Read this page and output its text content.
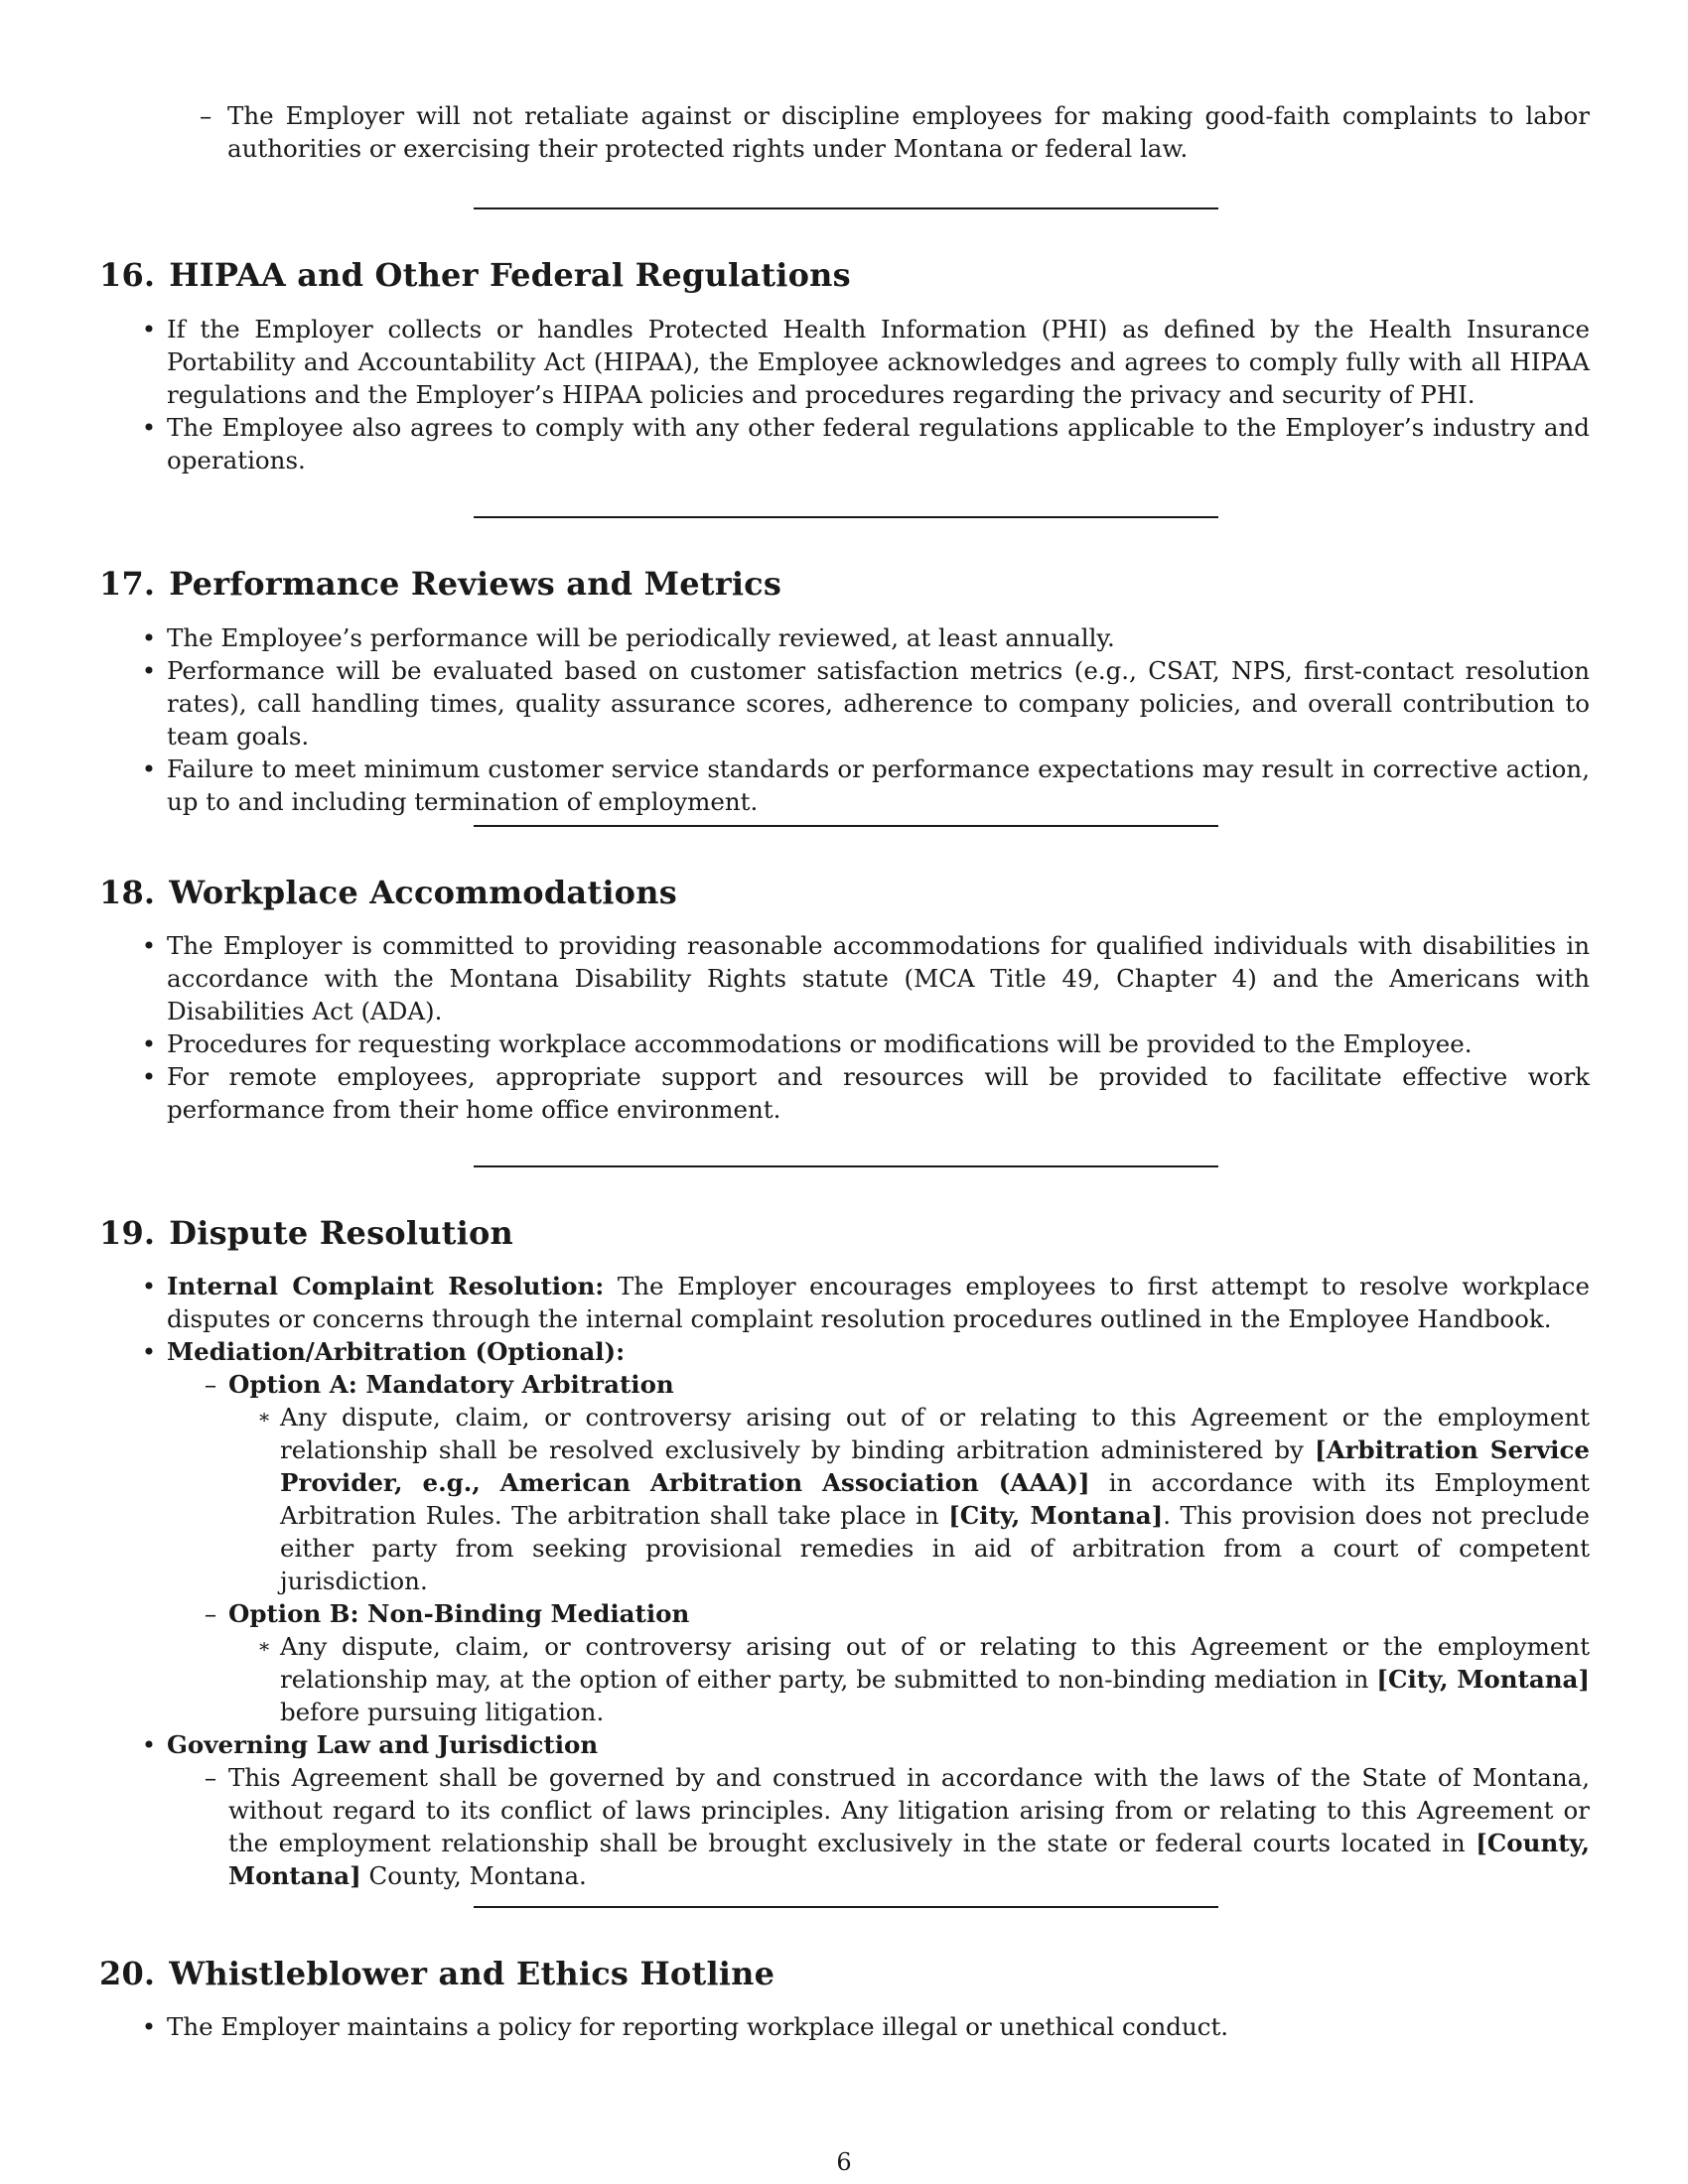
– The Employer will not retaliate against or discipline employees for making good-faith complaints to labor authorities or exercising their protected rights under Montana or federal law.
16. HIPAA and Other Federal Regulations
• If the Employer collects or handles Protected Health Information (PHI) as defined by the Health Insurance Portability and Accountability Act (HIPAA), the Employee acknowledges and agrees to comply fully with all HIPAA regulations and the Employer’s HIPAA policies and procedures regarding the privacy and security of PHI.
• The Employee also agrees to comply with any other federal regulations applicable to the Employer’s industry and operations.
17. Performance Reviews and Metrics
• The Employee’s performance will be periodically reviewed, at least annually.
• Performance will be evaluated based on customer satisfaction metrics (e.g., CSAT, NPS, first-contact resolution rates), call handling times, quality assurance scores, adherence to company policies, and overall contribution to team goals.
• Failure to meet minimum customer service standards or performance expectations may result in corrective action, up to and including termination of employment.
18. Workplace Accommodations
• The Employer is committed to providing reasonable accommodations for qualified individuals with disabilities in accordance with the Montana Disability Rights statute (MCA Title 49, Chapter 4) and the Americans with Disabilities Act (ADA).
• Procedures for requesting workplace accommodations or modifications will be provided to the Employee.
• For remote employees, appropriate support and resources will be provided to facilitate effective work performance from their home office environment.
19. Dispute Resolution
• Internal Complaint Resolution: The Employer encourages employees to first attempt to resolve workplace disputes or concerns through the internal complaint resolution procedures outlined in the Employee Handbook.
• Mediation/Arbitration (Optional):
– Option A: Mandatory Arbitration
∗ Any dispute, claim, or controversy arising out of or relating to this Agreement or the employment relationship shall be resolved exclusively by binding arbitration administered by [Arbitration Service Provider, e.g., American Arbitration Association (AAA)] in accordance with its Employment Arbitration Rules. The arbitration shall take place in [City, Montana]. This provision does not preclude either party from seeking provisional remedies in aid of arbitration from a court of competent jurisdiction.
– Option B: Non-Binding Mediation
∗ Any dispute, claim, or controversy arising out of or relating to this Agreement or the employment relationship may, at the option of either party, be submitted to non-binding mediation in [City, Montana] before pursuing litigation.
• Governing Law and Jurisdiction
– This Agreement shall be governed by and construed in accordance with the laws of the State of Montana, without regard to its conflict of laws principles. Any litigation arising from or relating to this Agreement or the employment relationship shall be brought exclusively in the state or federal courts located in [County, Montana] County, Montana.
20. Whistleblower and Ethics Hotline
• The Employer maintains a policy for reporting workplace illegal or unethical conduct.
6
